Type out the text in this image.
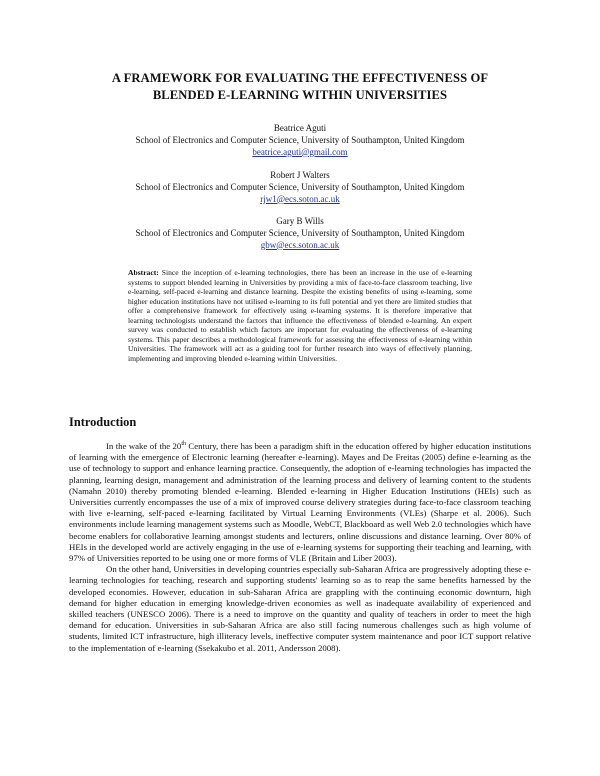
A FRAMEWORK FOR EVALUATING THE EFFECTIVENESS OF
BLENDED E-LEARNING WITHIN UNIVERSITIES
Beatrice Aguti
School of Electronics and Computer Science, University of Southampton, United Kingdom
beatrice.aguti@gmail.com
Robert J Walters
School of Electronics and Computer Science, University of Southampton, United Kingdom
rjw1@ecs.soton.ac.uk
Gary B Wills
School of Electronics and Computer Science, University of Southampton, United Kingdom
gbw@ecs.soton.ac.uk
Abstract: Since the inception of e-learning technologies, there has been an increase in the use of e-learning systems to support blended learning in Universities by providing a mix of face-to-face classroom teaching, live e-learning, self-paced e-learning and distance learning. Despite the existing benefits of using e-learning, some higher education institutions have not utilised e-learning to its full potential and yet there are limited studies that offer a comprehensive framework for effectively using e-learning systems. It is therefore imperative that learning technologists understand the factors that influence the effectiveness of blended e-learning. An expert survey was conducted to establish which factors are important for evaluating the effectiveness of e-learning systems. This paper describes a methodological framework for assessing the effectiveness of e-learning within Universities. The framework will act as a guiding tool for further research into ways of effectively planning, implementing and improving blended e-learning within Universities.
Introduction

In the wake of the 20th Century, there has been a paradigm shift in the education offered by higher education institutions of learning with the emergence of Electronic learning (hereafter e-learning). Mayes and De Freitas (2005) define e-learning as the use of technology to support and enhance learning practice. Consequently, the adoption of e-learning technologies has impacted the planning, learning design, management and administration of the learning process and delivery of learning content to the students (Namahn 2010) thereby promoting blended e-learning. Blended e-learning in Higher Education Institutions (HEIs) such as Universities currently encompasses the use of a mix of improved course delivery strategies during face-to-face classroom teaching with live e-learning, self-paced e-learning facilitated by Virtual Learning Environments (VLEs) (Sharpe et al. 2006). Such environments include learning management systems such as Moodle, WebCT, Blackboard as well Web 2.0 technologies which have become enablers for collaborative learning amongst students and lecturers, online discussions and distance learning. Over 80% of HEIs in the developed world are actively engaging in the use of e-learning systems for supporting their teaching and learning, with 97% of Universities reported to be using one or more forms of VLE (Britain and Liber 2003).

On the other hand, Universities in developing countries especially sub-Saharan Africa are progressively adopting these e-learning technologies for teaching, research and supporting students' learning so as to reap the same benefits harnessed by the developed economies. However, education in sub-Saharan Africa are grappling with the continuing economic downturn, high demand for higher education in emerging knowledge-driven economies as well as inadequate availability of experienced and skilled teachers (UNESCO 2006). There is a need to improve on the quantity and quality of teachers in order to meet the high demand for education. Universities in sub-Saharan Africa are also still facing numerous challenges such as high volume of students, limited ICT infrastructure, high illiteracy levels, ineffective computer system maintenance and poor ICT support relative to the implementation of e-learning (Ssekakubo et al. 2011, Andersson 2008).
